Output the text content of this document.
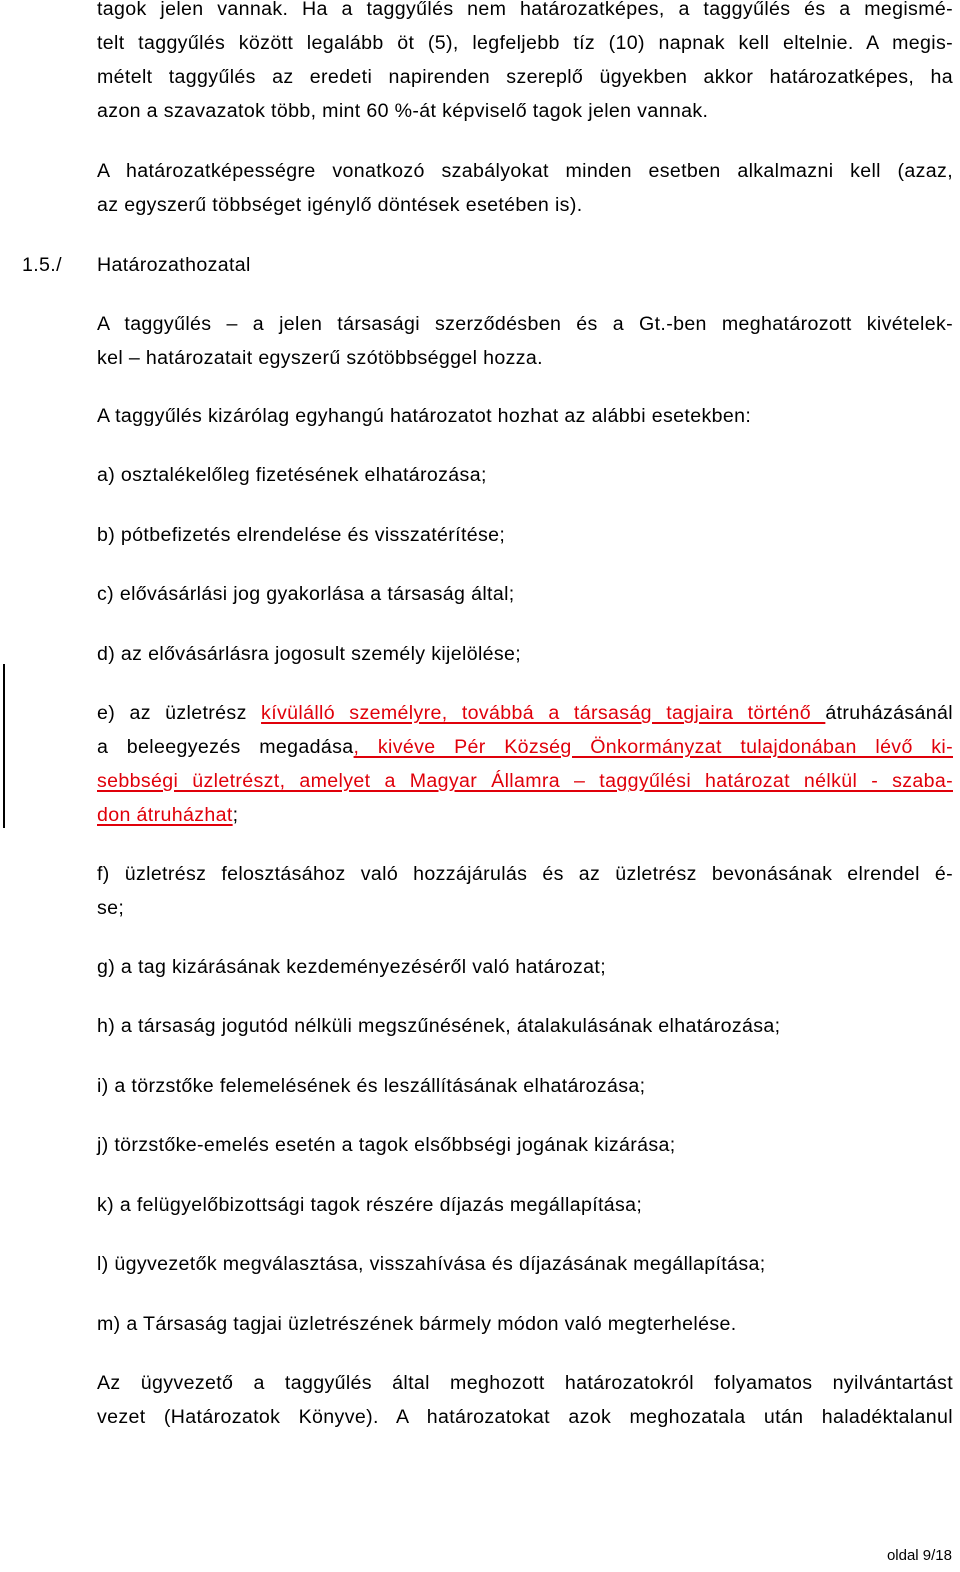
tagok jelen vannak. Ha a taggyűlés nem határozatképes, a taggyűlés és a megismé-
telt taggyűlés között legalább öt (5), legfeljebb tíz (10) napnak kell eltelnie. A megis-
mételt taggyűlés az eredeti napirenden szereplő ügyekben akkor határozatképes, ha
azon a szavazatok több, mint 60 %-át képviselő tagok jelen vannak.
A határozatképességre vonatkozó szabályokat minden esetben alkalmazni kell (azaz,
az egyszerű többséget igénylő döntések esetében is).
1.5./ Határozathozatal
A taggyűlés – a jelen társasági szerződésben és a Gt.-ben meghatározott kivételek-
kel – határozatait egyszerű szótöbbséggel hozza.
A taggyűlés kizárólag egyhangú határozatot hozhat az alábbi esetekben:
a) osztalékelőleg fizetésének elhatározása;
b) pótbefizetés elrendelése és visszatérítése;
c) elővásárlási jog gyakorlása a társaság által;
d) az elővásárlásra jogosult személy kijelölése;
e) az üzletrész kívülálló személyre, továbbá a társaság tagjaira történő átruházásánál
a beleegyezés megadása, kivéve Pér Község Önkormányzat tulajdonában lévő ki-
sebbségi üzletrészt, amelyet a Magyar Államra – taggyűlési határozat nélkül - szaba-
don átruházhat;
f) üzletrész felosztásához való hozzájárulás és az üzletrész bevonásának elrendel é-
se;
g) a tag kizárásának kezdeményezéséről való határozat;
h) a társaság jogutód nélküli megszűnésének, átalakulásának elhatározása;
i) a törzstőke felemelésének és leszállításának elhatározása;
j) törzstőke-emelés esetén a tagok elsőbbségi jogának kizárása;
k) a felügyelőbizottsági tagok részére díjazás megállapítása;
l) ügyvezetők megválasztása, visszahívása és díjazásának megállapítása;
m) a Társaság tagjai üzletrészének bármely módon való megterhelése.
Az ügyvezető a taggyűlés által meghozott határozatokról folyamatos nyilvántartást
vezet (Határozatok Könyve). A határozatokat azok meghozatala után haladéktalanul
oldal 9/18
